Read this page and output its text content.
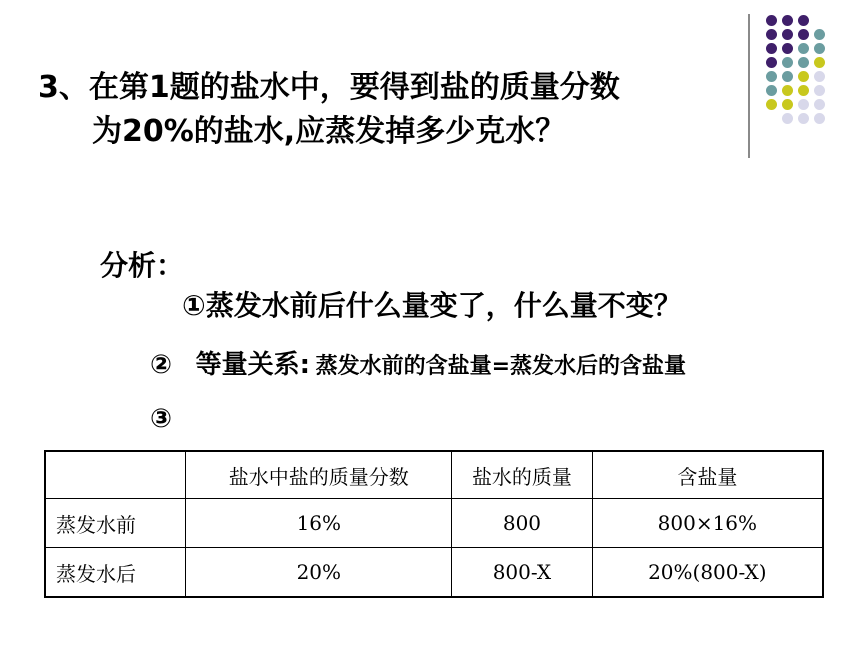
3、在第1题的盐水中，要得到盐的质量分数
为20%的盐水,应蒸发掉多少克水？
分析：
①蒸发水前后什么量变了，什么量不变？
② 等量关系: 蒸发水前的含盐量=蒸发水后的含盐量
③
	盐水中盐的质量分数	盐水的质量	含盐量
蒸发水前	16%	800	800×16%
蒸发水后	20%	800-X	20%(800-X)
